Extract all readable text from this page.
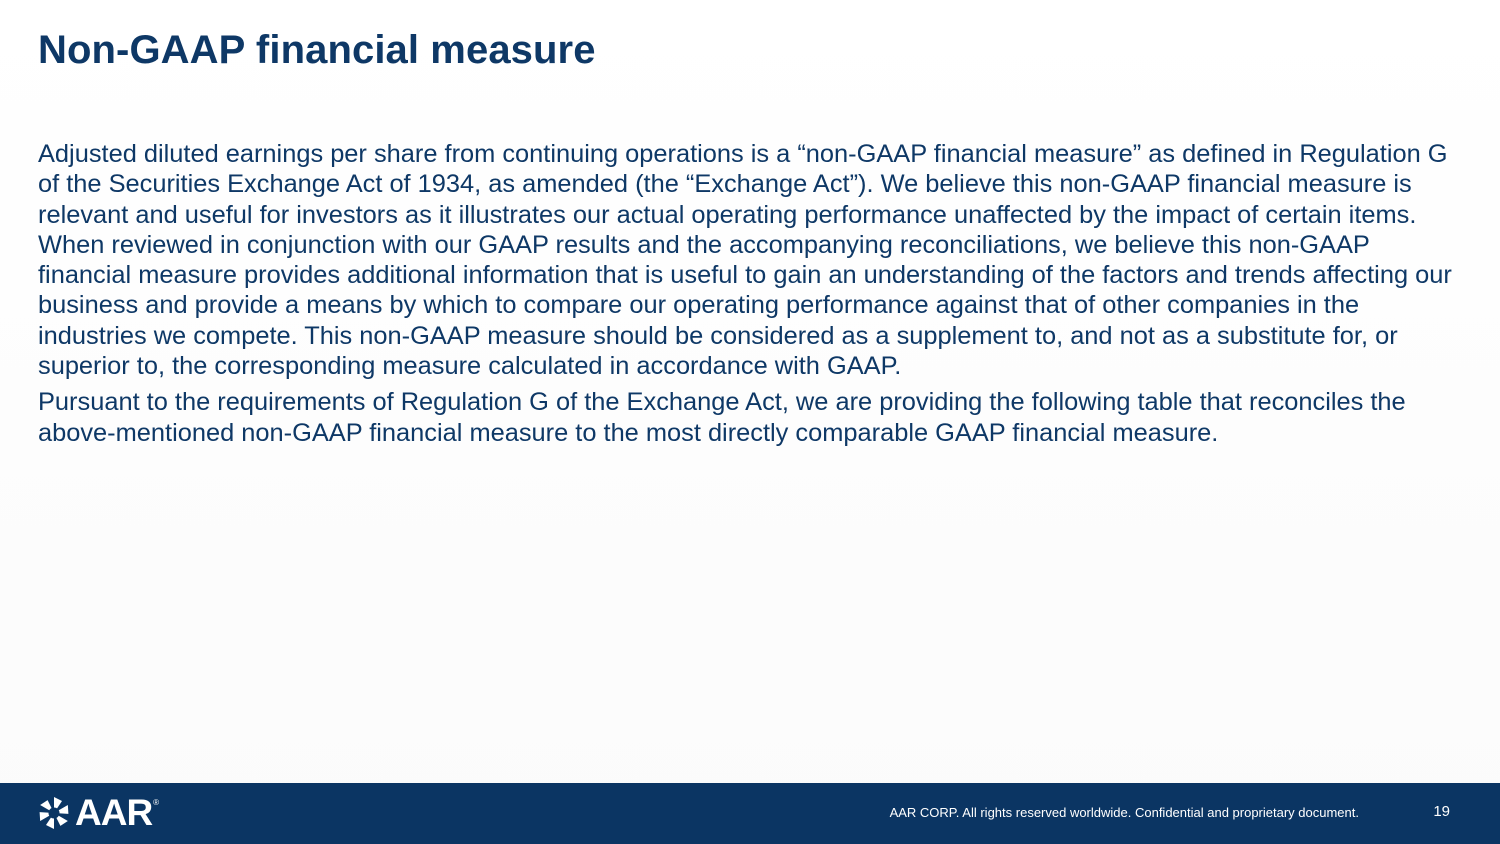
Non-GAAP financial measure

Adjusted diluted earnings per share from continuing operations is a “non-GAAP financial measure” as defined in Regulation G of the Securities Exchange Act of 1934, as amended (the “Exchange Act”). We believe this non-GAAP financial measure is relevant and useful for investors as it illustrates our actual operating performance unaffected by the impact of certain items. When reviewed in conjunction with our GAAP results and the accompanying reconciliations, we believe this non-GAAP financial measure provides additional information that is useful to gain an understanding of the factors and trends affecting our business and provide a means by which to compare our operating performance against that of other companies in the industries we compete. This non-GAAP measure should be considered as a supplement to, and not as a substitute for, or superior to, the corresponding measure calculated in accordance with GAAP.

Pursuant to the requirements of Regulation G of the Exchange Act, we are providing the following table that reconciles the above-mentioned non-GAAP financial measure to the most directly comparable GAAP financial measure.

AAR ®
AAR CORP. All rights reserved worldwide. Confidential and proprietary document.	19
